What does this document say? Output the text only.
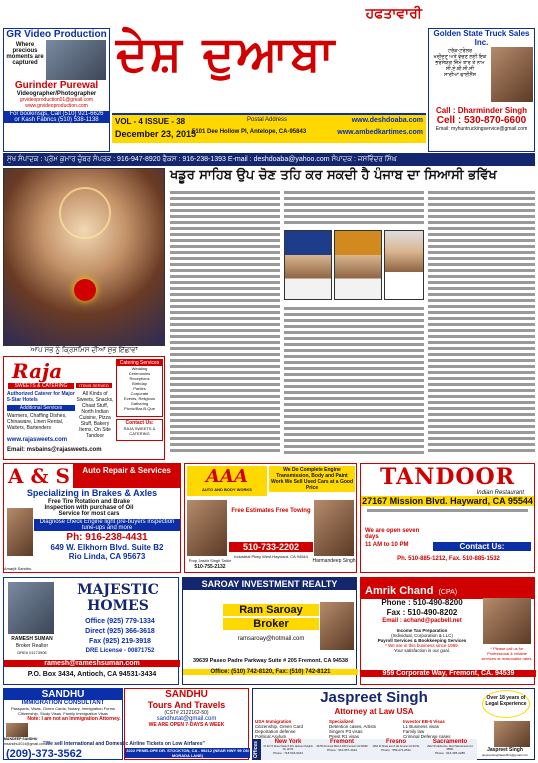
GR Video Production
Where precious moments are captured
Gurinder Purewal
Videographer/Photographer
grvideoproduction01@gmail.com
www.grvideoproduction.com
For bookinsgs, Call (510) 921-6626
or Kash Fabrics (510) 538-1138
ਹਫਤਾਵਾਰੀ
ਦੇਸ਼ ਦੁਆਬਾ
VOL - 4 ISSUE - 38
December 23, 2015
Postal Address
5101 Dee Hollow Pl, Antelope, CA-95843
www.deshdoaba.com
www.ambedkartimes.com
Golden State Truck Sales Inc.
ਟਰੱਕ-ਟਰੇਲਰ
ਖਰੀਦਣ ਅਤੇ ਵੇਚਣ ਲਈ ਇਕ
ਭਰੋਸੇਯੋਗ ਜ਼ਿੰਮੇ ਤਾਰ ਤੇ ਨਾਮ
ਸੀ.ਏ.ਬੀ.ਸੀ.ਸੀ
ਸਾਰੀਆਂ ਫਾਈਨੈਂਸ
Call : Dharminder Singh
Cell : 530-870-6600
Email: myhuntruckingservice@gmail.com
ਮੁੱਖ ਸੰਪਾਦਕ : ਪ੍ਰੇਮ ਕੁਮਾਰ ਚੁੰਬਰ ਸੰਪਰਕ : 916-947-8920 ਫੈਕਸ : 916-238-1393 E-mail : deshdoaba@yahoo.com ਸੰਪਾਦਕ : ਜਸਵਿੰਦਰ ਸਿੰਘ
ਖਡੂਰ ਸਾਹਿਬ ਉਪ ਚੋਣ ਤਹਿ ਕਰ ਸਕਦੀ ਹੈ ਪੰਜਾਬ ਦਾ ਸਿਆਸੀ ਭਵਿੱਖ
ਆਪ ਸਭ ਨੂੰ ਕ੍ਰਿਸਮਿਸ ਦੀਆਂ ਸ਼ੁਭ ਇੱਛਾਵਾਂ
Raja
SWEETS & CATERING
Authorized Caterer for Major 5-Star Hotels
Additional Services
Warmers, Chaffing Dishes, Chinaware, Linen Rental, Waiters, Bartenders
www.rajasweets.com
Email: msbains@rajasweets.com
ITEMS SERVED
All Kinds of Sweets, Snacks, Chaat Stuff, North Indian Cuisine, Pizza Stuff, Bakery Items, On Site Tandoor
Catering Services
Wedding
Ceremonies
Receptions
Birthday
Parties
Corporate
Events, Religious
Gathering
Picnic/Bar-B-Que
Contact Us:
RAJA SWEETS & CATERING
A & S	Auto Repair & Services
Specializing in Brakes & Axles
Free Tire Rotation and Brake Inspection with purchase of Oil Service for most cars
Diagnose check Engine light pre-buyers inspection tune-ups and more
Ph: 916-238-4431
649 W. Elkhorn Blvd. Suite B2
Rio Linda, CA 95673
Amarjit Sandhu
AAA
AUTO AND BODY WORKS
We Do Complete Engine Transmission, Body and Paint Work We Sell Used Cars at a Good Price
Free Estimates Free Towing
510-733-2202
Industrial Pkwy West Hayward, CA 94544
Prop Jasbir Singh Tatlor
510-755-2132
Harmandeep Singh
TANDOOR
Indian Restaurant
27167 Mission Blvd. Hayward, CA 95544
We are open seven days
11 AM to 10 PM	Contact Us:
Ph. 510-885-1212, Fax. 510-885-1532
MAJESTIC HOMES
RAMESH SUMAN
Broker Realtor
DRE# 01173908
Office (925) 779-1334
Direct (925) 366-3618
Fax (925) 219-3918
DRE License - 00871752
ramesh@rameshsuman.com
P.O. Box 3434, Antioch, CA 94531-3434
SAROAY INVESTMENT REALTY
Ram Saroay
Broker
ramsaroay@hotmail.com
39639 Paseo Padre Parkway Suite # 205 Fremont, CA 94538
Office: (510) 742-8120, Fax: (510) 742-8121
Amrik Chand (CPA)
Phone : 510-490-8200
Fax : 510-490-8202
Email : achand@pacbell.net
Income Tax Preparation
(Individual, Corporation & LLC)
Payroll Services & Bookkeeping Services
* We are in this business since 1989.
Your satisfaction is our goal.	* Please call us for Professional & reliable services at reasonable rates.
959 Corporate Way, Fremont, CA. 94539
SANDHU
IMMIGRATION CONSULTANT
Passports, Visas, Green Cards, Notary, Immigration Forms
Citizenship, Study Visas, Family Immigration Visas
Note: I am not an Immigration Attorney.
MANDEEP SANDHU
msandhu2014@gmail.com
"We sell International and Domestic Airline Tickets on Low Airfares"
(209)-373-3562
SANDHU
Tours And Travels
(CST# 2122162-50)
sandhutat@gmail.com
WE ARE OPEN 7-DAYS A WEEK
3222 PENELOPE DR. STOCKTON, CA - 95212 (NEAR HWY 99 ON MORADA LANE)
Jaspreet Singh
Attorney at Law USA
Over 18 years of Legal Experience
USA Immigration
Citizenship, Green Card
Deportation defense
Political Asylum
Specialized
Detention cases, Artists
Singers P3 visas
Priest R1 visas
Investor EB-5 Visas
L1 Business visas
Family law
Criminal Defense cases
Jaspreet Singh
jaspreetsinghlawoffice@gmail.com
Offices	New York
37-18 73 Street Suite # 401 Jackson Heights Ny 11372
Phone : 718-533-9444
Fremont
46750 Fremont Blvd # 206 Fremont CA 94538
Phone : 510-657-4444
Fresno
4991 W Shaw ave # 111 Fresno CA 93711
Phone : 559-271-0511
Sacramento
2912 W Alpha Ave. West Sacramento CA 95691
Phone : 916-395-2289
